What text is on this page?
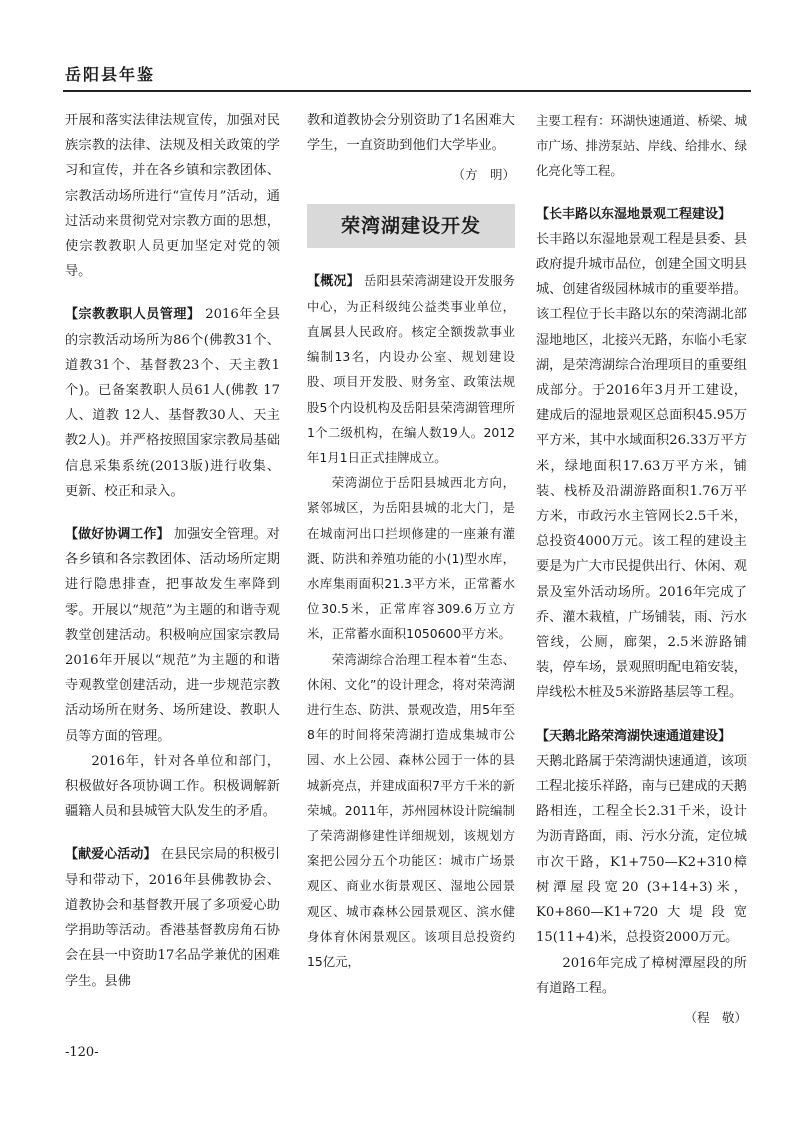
岳阳县年鉴

开展和落实法律法规宣传，加强对民族宗教的法律、法规及相关政策的学习和宣传，并在各乡镇和宗教团体、宗教活动场所进行“宣传月”活动，通过活动来贯彻党对宗教方面的思想，使宗教教职人员更加坚定对党的领导。

【宗教教职人员管理】 2016年全县的宗教活动场所为86个(佛教31个、道教31个、基督教23个、天主教1个)。已备案教职人员61人(佛教 17人、道教 12人、基督教30人、天主教2人)。并严格按照国家宗教局基础信息采集系统(2013版)进行收集、更新、校正和录入。

【做好协调工作】 加强安全管理。对各乡镇和各宗教团体、活动场所定期进行隐患排查，把事故发生率降到零。开展以“规范”为主题的和谐寺观教堂创建活动。积极响应国家宗教局2016年开展以“规范”为主题的和谐寺观教堂创建活动，进一步规范宗教活动场所在财务、场所建设、教职人员等方面的管理。

2016年，针对各单位和部门，积极做好各项协调工作。积极调解新疆籍人员和县城管大队发生的矛盾。

【献爱心活动】 在县民宗局的积极引导和带动下，2016年县佛教协会、道教协会和基督教开展了多项爱心助学捐助等活动。香港基督教房角石协会在县一中资助17名品学兼优的困难学生。县佛

教和道教协会分别资助了1名困难大学生，一直资助到他们大学毕业。

（方　明）

荣湾湖建设开发

【概况】 岳阳县荣湾湖建设开发服务中心，为正科级纯公益类事业单位，直属县人民政府。核定全额拨款事业编制13名，内设办公室、规划建设股、项目开发股、财务室、政策法规股5个内设机构及岳阳县荣湾湖管理所1个二级机构，在编人数19人。2012年1月1日正式挂牌成立。

荣湾湖位于岳阳县城西北方向，紧邻城区，为岳阳县城的北大门，是在城南河出口拦坝修建的一座兼有灌溉、防洪和养殖功能的小(1)型水库，水库集雨面积21.3平方米，正常蓄水位30.5米，正常库容309.6万立方米，正常蓄水面积1050600平方米。

荣湾湖综合治理工程本着“生态、休闲、文化”的设计理念，将对荣湾湖进行生态、防洪、景观改造，用5年至8年的时间将荣湾湖打造成集城市公园、水上公园、森林公园于一体的县城新亮点，并建成面积7平方千米的新荣城。2011年，苏州园林设计院编制了荣湾湖修建性详细规划，该规划方案把公园分五个功能区：城市广场景观区、商业水街景观区、湿地公园景观区、城市森林公园景观区、滨水健身体育休闲景观区。该项目总投资约15亿元，

主要工程有：环湖快速通道、桥梁、城市广场、排涝泵站、岸线、给排水、绿化亮化等工程。

【长丰路以东湿地景观工程建设】

长丰路以东湿地景观工程是县委、县政府提升城市品位，创建全国文明县城、创建省级园林城市的重要举措。该工程位于长丰路以东的荣湾湖北部湿地地区，北接兴无路，东临小毛家湖，是荣湾湖综合治理项目的重要组成部分。于2016年3月开工建设，建成后的湿地景观区总面积45.95万平方米，其中水域面积26.33万平方米，绿地面积17.63万平方米，铺装、栈桥及沿湖游路面积1.76万平方米，市政污水主管网长2.5千米，总投资4000万元。该工程的建设主要是为广大市民提供出行、休闲、观景及室外活动场所。2016年完成了乔、灌木栽植，广场铺装，雨、污水管线，公厕，廊架，2.5米游路铺装，停车场，景观照明配电箱安装，岸线松木桩及5米游路基层等工程。

【天鹅北路荣湾湖快速通道建设】

天鹅北路属于荣湾湖快速通道，该项工程北接乐祥路，南与已建成的天鹅路相连，工程全长2.31千米，设计为沥青路面，雨、污水分流，定位城市次干路，K1+750—K2+310樟树潭屋段宽20 (3+14+3)米，K0+860—K1+720大堤段宽15(11+4)米，总投资2000万元。

2016年完成了樟树潭屋段的所有道路工程。

（程　敬）

-120-
